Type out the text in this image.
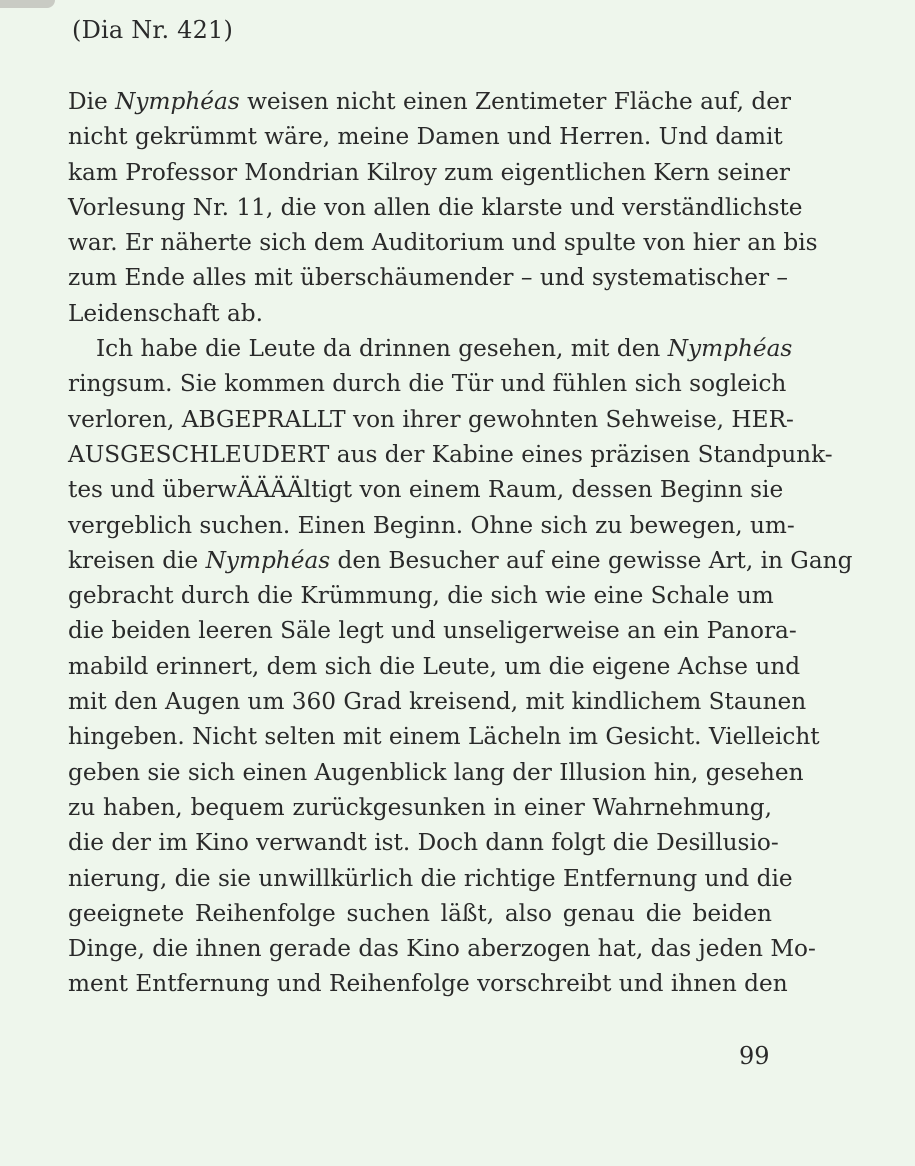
(Dia Nr. 421)
Die Nymphéas weisen nicht einen Zentimeter Fläche auf, der
nicht gekrümmt wäre, meine Damen und Herren. Und damit
kam Professor Mondrian Kilroy zum eigentlichen Kern seiner
Vorlesung Nr. 11, die von allen die klarste und verständlichste
war. Er näherte sich dem Auditorium und spulte von hier an bis
zum Ende alles mit überschäumender – und systematischer –
Leidenschaft ab.
Ich habe die Leute da drinnen gesehen, mit den Nymphéas
ringsum. Sie kommen durch die Tür und fühlen sich sogleich
verloren, ABGEPRALLT von ihrer gewohnten Sehweise, HER-
AUSGESCHLEUDERT aus der Kabine eines präzisen Standpunk-
tes und überwÄÄÄÄltigt von einem Raum, dessen Beginn sie
vergeblich suchen. Einen Beginn. Ohne sich zu bewegen, um-
kreisen die Nymphéas den Besucher auf eine gewisse Art, in Gang
gebracht durch die Krümmung, die sich wie eine Schale um
die beiden leeren Säle legt und unseligerweise an ein Panora-
mabild erinnert, dem sich die Leute, um die eigene Achse und
mit den Augen um 360 Grad kreisend, mit kindlichem Staunen
hingeben. Nicht selten mit einem Lächeln im Gesicht. Vielleicht
geben sie sich einen Augenblick lang der Illusion hin, gesehen
zu haben, bequem zurückgesunken in einer Wahrnehmung,
die der im Kino verwandt ist. Doch dann folgt die Desillusio-
nierung, die sie unwillkürlich die richtige Entfernung und die
geeignete Reihenfolge suchen läßt, also genau die beiden
Dinge, die ihnen gerade das Kino aberzogen hat, das jeden Mo-
ment Entfernung und Reihenfolge vorschreibt und ihnen den
99
